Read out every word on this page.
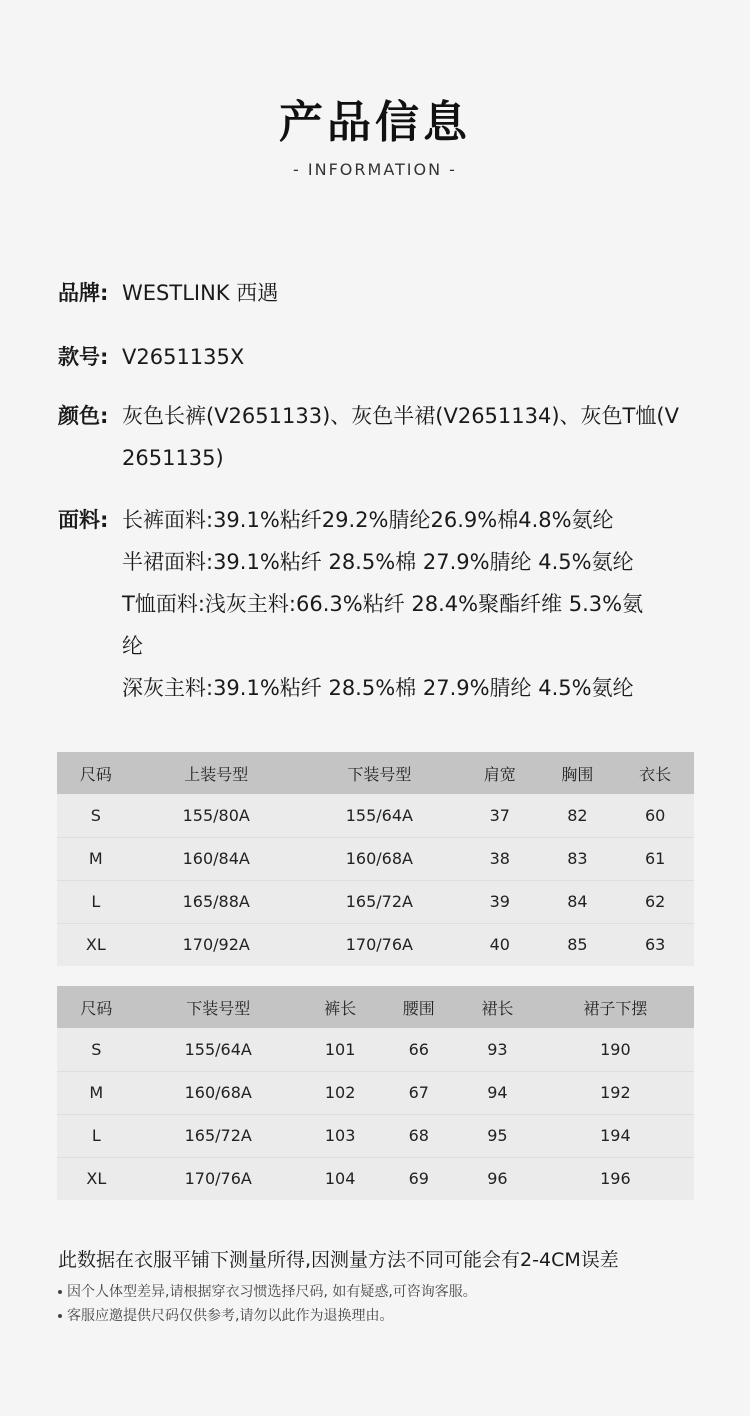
产品信息
- INFORMATION -
品牌: WESTLINK 西遇
款号: V2651135X
颜色: 灰色长裤(V2651133)、灰色半裙(V2651134)、灰色T恤(V
2651135)
面料: 长裤面料:39.1%粘纤29.2%腈纶26.9%棉4.8%氨纶
半裙面料:39.1%粘纤 28.5%棉 27.9%腈纶 4.5%氨纶
T恤面料:浅灰主料:66.3%粘纤 28.4%聚酯纤维 5.3%氨
纶
深灰主料:39.1%粘纤 28.5%棉 27.9%腈纶 4.5%氨纶
尺码	上装号型	下装号型	肩宽	胸围	衣长
S	155/80A	155/64A	37	82	60
M	160/84A	160/68A	38	83	61
L	165/88A	165/72A	39	84	62
XL	170/92A	170/76A	40	85	63
尺码	下装号型	裤长	腰围	裙长	裙子下摆
S	155/64A	101	66	93	190
M	160/68A	102	67	94	192
L	165/72A	103	68	95	194
XL	170/76A	104	69	96	196
此数据在衣服平铺下测量所得,因测量方法不同可能会有2-4CM误差
因个人体型差异,请根据穿衣习惯选择尺码, 如有疑惑,可咨询客服。
客服应邀提供尺码仅供参考,请勿以此作为退换理由。
